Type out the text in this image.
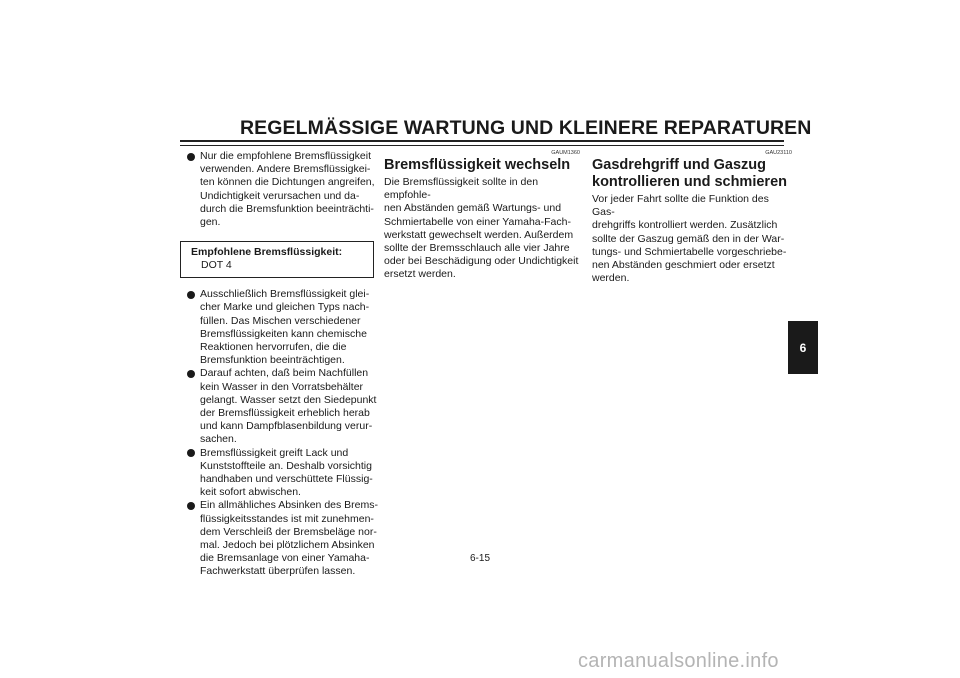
REGELMÄSSIGE WARTUNG UND KLEINERE REPARATUREN
Nur die empfohlene Bremsflüssigkeit
verwenden. Andere Bremsflüssigkei-
ten können die Dichtungen angreifen,
Undichtigkeit verursachen und da-
durch die Bremsfunktion beeinträchti-
gen.
Empfohlene Bremsflüssigkeit:
DOT 4
Ausschließlich Bremsflüssigkeit glei-
cher Marke und gleichen Typs nach-
füllen. Das Mischen verschiedener
Bremsflüssigkeiten kann chemische
Reaktionen hervorrufen, die die
Bremsfunktion beeinträchtigen.
Darauf achten, daß beim Nachfüllen
kein Wasser in den Vorratsbehälter
gelangt. Wasser setzt den Siedepunkt
der Bremsflüssigkeit erheblich herab
und kann Dampfblasenbildung verur-
sachen.
Bremsflüssigkeit greift Lack und
Kunststoffteile an. Deshalb vorsichtig
handhaben und verschüttete Flüssig-
keit sofort abwischen.
Ein allmähliches Absinken des Brems-
flüssigkeitsstandes ist mit zunehmen-
dem Verschleiß der Bremsbeläge nor-
mal. Jedoch bei plötzlichem Absinken
die Bremsanlage von einer Yamaha-
Fachwerkstatt überprüfen lassen.
GAUM1360
Bremsflüssigkeit wechseln
Die Bremsflüssigkeit sollte in den empfohle-
nen Abständen gemäß Wartungs- und
Schmiertabelle von einer Yamaha-Fach-
werkstatt gewechselt werden. Außerdem
sollte der Bremsschlauch alle vier Jahre
oder bei Beschädigung oder Undichtigkeit
ersetzt werden.
GAU23110
Gasdrehgriff und Gaszug
kontrollieren und schmieren
Vor jeder Fahrt sollte die Funktion des Gas-
drehgriffs kontrolliert werden. Zusätzlich
sollte der Gaszug gemäß den in der War-
tungs- und Schmiertabelle vorgeschriebe-
nen Abständen geschmiert oder ersetzt
werden.
6-15
6
carmanualsonline.info
